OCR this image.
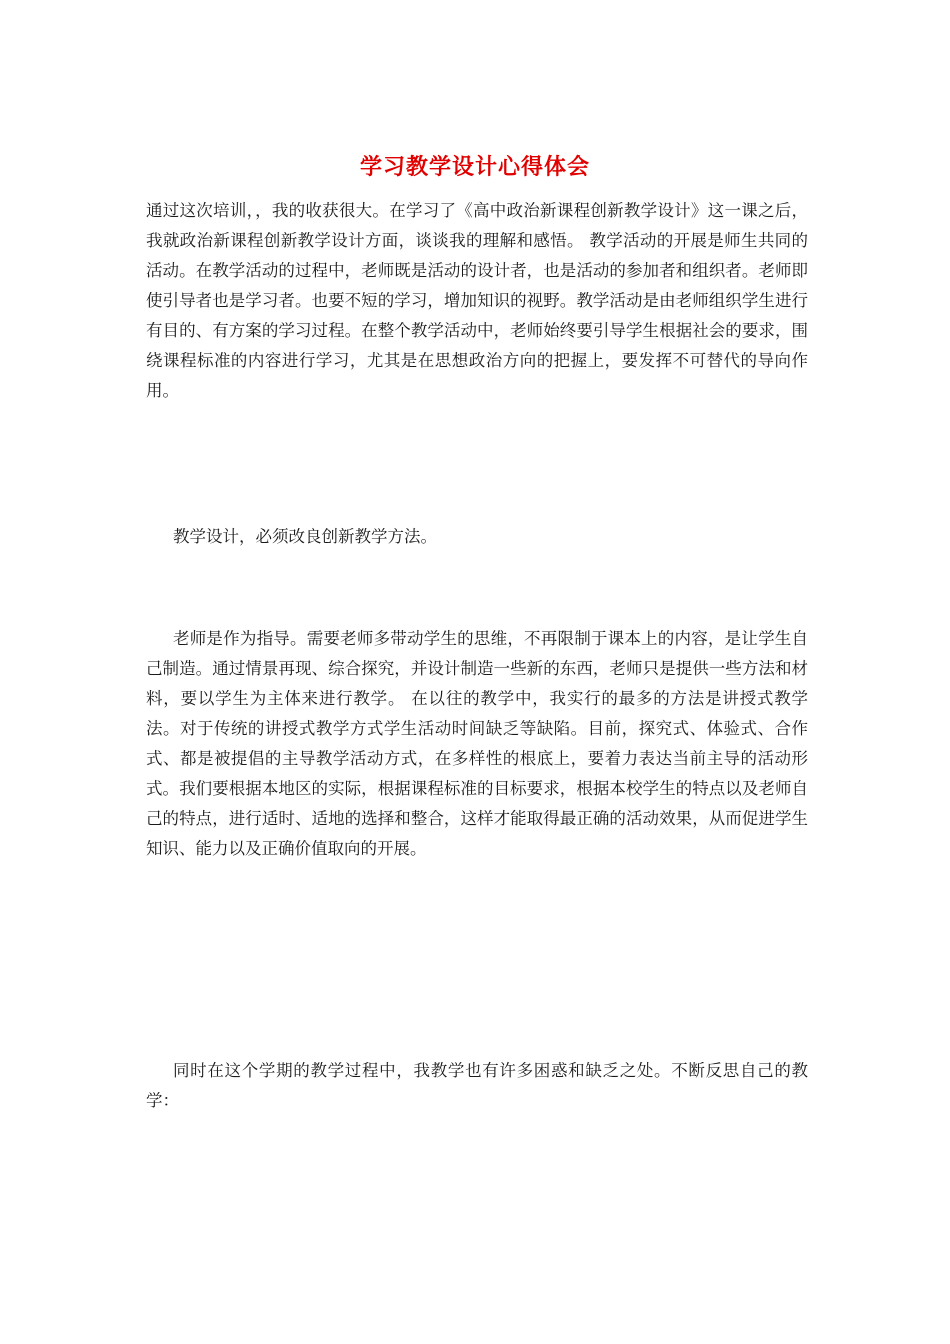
学习教学设计心得体会

通过这次培训，，我的收获很大。在学习了《高中政治新课程创新教学设计》这一课之后，我就政治新课程创新教学设计方面，谈谈我的理解和感悟。 教学活动的开展是师生共同的活动。在教学活动的过程中，老师既是活动的设计者，也是活动的参加者和组织者。老师即使引导者也是学习者。也要不短的学习，增加知识的视野。教学活动是由老师组织学生进行有目的、有方案的学习过程。在整个教学活动中，老师始终要引导学生根据社会的要求，围绕课程标准的内容进行学习，尤其是在思想政治方向的把握上，要发挥不可替代的导向作用。

教学设计，必须改良创新教学方法。

老师是作为指导。需要老师多带动学生的思维，不再限制于课本上的内容，是让学生自己制造。通过情景再现、综合探究，并设计制造一些新的东西，老师只是提供一些方法和材料，要以学生为主体来进行教学。 在以往的教学中，我实行的最多的方法是讲授式教学法。对于传统的讲授式教学方式学生活动时间缺乏等缺陷。目前，探究式、体验式、合作式、都是被提倡的主导教学活动方式，在多样性的根底上，要着力表达当前主导的活动形式。我们要根据本地区的实际，根据课程标准的目标要求，根据本校学生的特点以及老师自己的特点，进行适时、适地的选择和整合，这样才能取得最正确的活动效果，从而促进学生知识、能力以及正确价值取向的开展。

同时在这个学期的教学过程中，我教学也有许多困惑和缺乏之处。不断反思自己的教学：
